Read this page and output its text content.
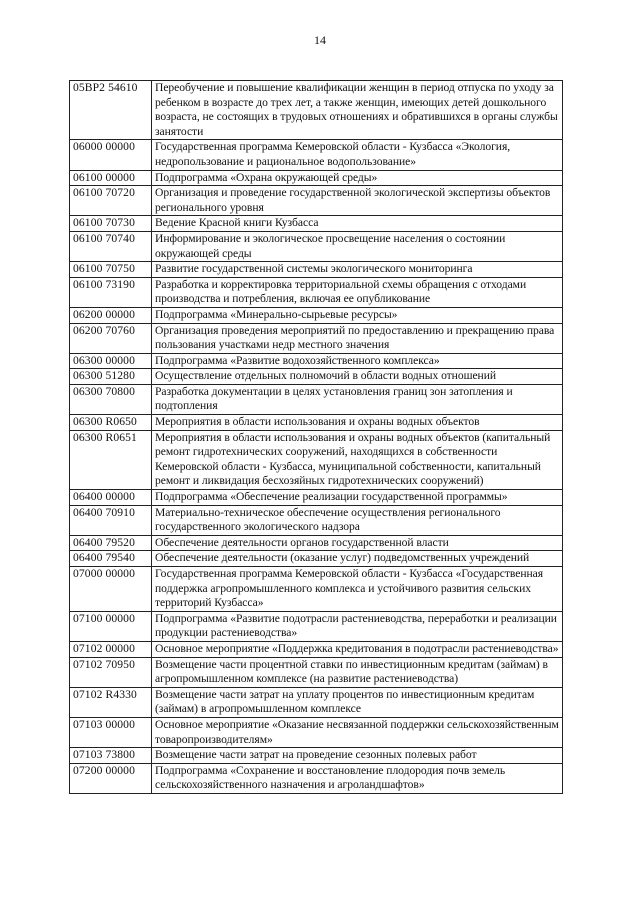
14
05ВР2 54610	Переобучение и повышение квалификации женщин в период отпуска по уходу за ребенком в возрасте до трех лет, а также женщин, имеющих детей дошкольного возраста, не состоящих в трудовых отношениях и обратившихся в органы службы занятости
06000 00000	Государственная программа Кемеровской области - Кузбасса «Экология, недропользование и рациональное водопользование»
06100 00000	Подпрограмма «Охрана окружающей среды»
06100 70720	Организация и проведение государственной экологической экспертизы объектов регионального уровня
06100 70730	Ведение Красной книги Кузбасса
06100 70740	Информирование и экологическое просвещение населения о состоянии окружающей среды
06100 70750	Развитие государственной системы экологического мониторинга
06100 73190	Разработка и корректировка территориальной схемы обращения с отходами производства и потребления, включая ее опубликование
06200 00000	Подпрограмма «Минерально-сырьевые ресурсы»
06200 70760	Организация проведения мероприятий по предоставлению и прекращению права пользования участками недр местного значения
06300 00000	Подпрограмма «Развитие водохозяйственного комплекса»
06300 51280	Осуществление отдельных полномочий в области водных отношений
06300 70800	Разработка документации в целях установления границ зон затопления и подтопления
06300 R0650	Мероприятия в области использования и охраны водных объектов
06300 R0651	Мероприятия в области использования и охраны водных объектов (капитальный ремонт гидротехнических сооружений, находящихся в собственности Кемеровской области - Кузбасса, муниципальной собственности, капитальный ремонт и ликвидация бесхозяйных гидротехнических сооружений)
06400 00000	Подпрограмма «Обеспечение реализации государственной программы»
06400 70910	Материально-техническое обеспечение осуществления регионального государственного экологического надзора
06400 79520	Обеспечение деятельности органов государственной власти
06400 79540	Обеспечение деятельности (оказание услуг) подведомственных учреждений
07000 00000	Государственная программа Кемеровской области - Кузбасса «Государственная поддержка агропромышленного комплекса и устойчивого развития сельских территорий Кузбасса»
07100 00000	Подпрограмма «Развитие подотрасли растениеводства, переработки и реализации продукции растениеводства»
07102 00000	Основное мероприятие «Поддержка кредитования в подотрасли растениеводства»
07102 70950	Возмещение части процентной ставки по инвестиционным кредитам (займам) в агропромышленном комплексе (на развитие растениеводства)
07102 R4330	Возмещение части затрат на уплату процентов по инвестиционным кредитам (займам) в агропромышленном комплексе
07103 00000	Основное мероприятие «Оказание несвязанной поддержки сельскохозяйственным товаропроизводителям»
07103 73800	Возмещение части затрат на проведение сезонных полевых работ
07200 00000	Подпрограмма «Сохранение и восстановление плодородия почв земель сельскохозяйственного назначения и агроландшафтов»
